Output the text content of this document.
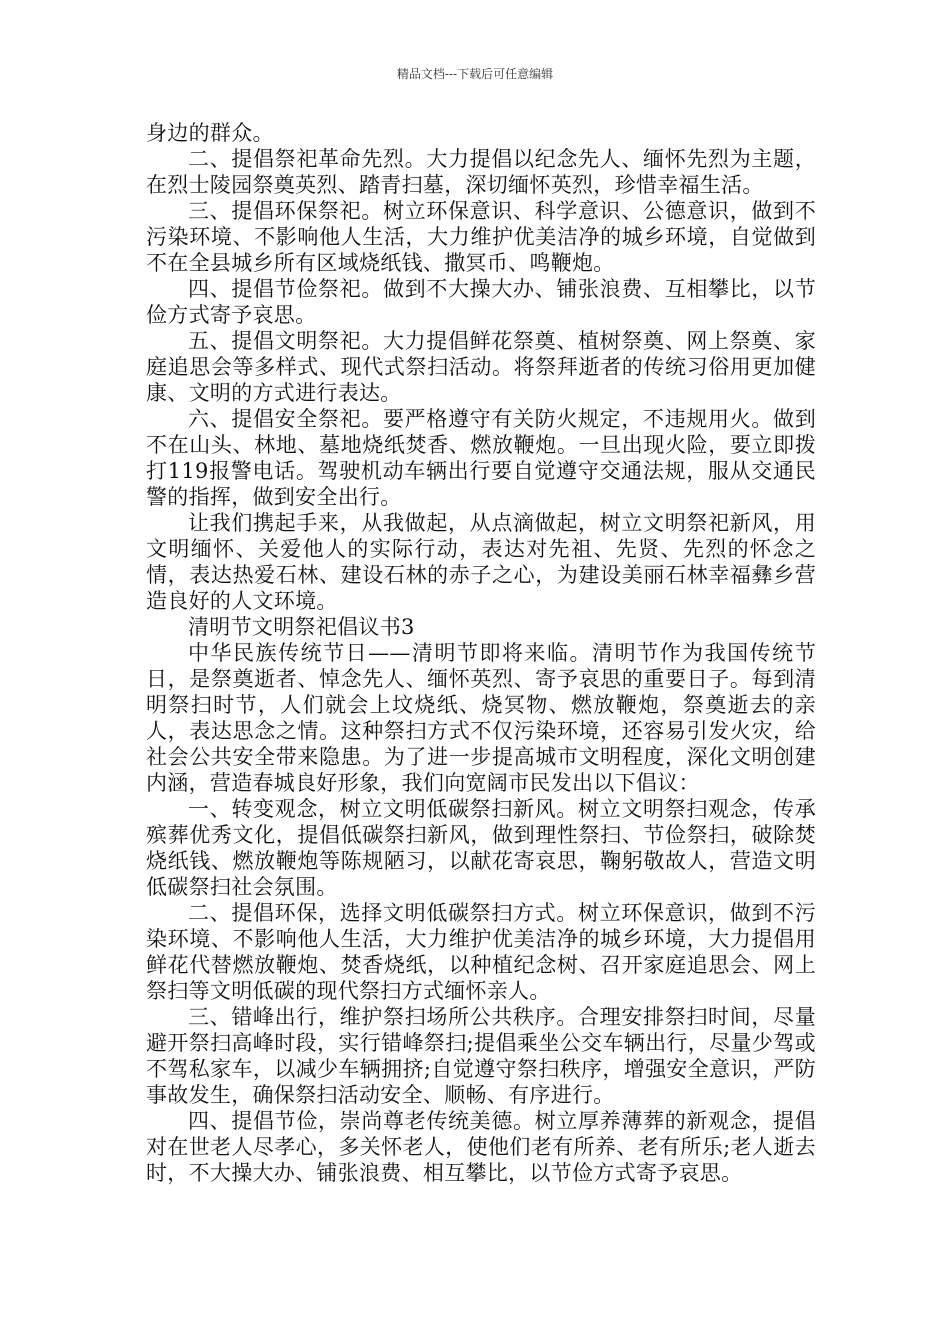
精品文档---下载后可任意编辑

身边的群众。

二、提倡祭祀革命先烈。大力提倡以纪念先人、缅怀先烈为主题，在烈士陵园祭奠英烈、踏青扫墓，深切缅怀英烈，珍惜幸福生活。

三、提倡环保祭祀。树立环保意识、科学意识、公德意识，做到不污染环境、不影响他人生活，大力维护优美洁净的城乡环境，自觉做到不在全县城乡所有区域烧纸钱、撒冥币、鸣鞭炮。

四、提倡节俭祭祀。做到不大操大办、铺张浪费、互相攀比，以节俭方式寄予哀思。

五、提倡文明祭祀。大力提倡鲜花祭奠、植树祭奠、网上祭奠、家庭追思会等多样式、现代式祭扫活动。将祭拜逝者的传统习俗用更加健康、文明的方式进行表达。

六、提倡安全祭祀。要严格遵守有关防火规定，不违规用火。做到不在山头、林地、墓地烧纸焚香、燃放鞭炮。一旦出现火险，要立即拨打119报警电话。驾驶机动车辆出行要自觉遵守交通法规，服从交通民警的指挥，做到安全出行。

让我们携起手来，从我做起，从点滴做起，树立文明祭祀新风，用文明缅怀、关爱他人的实际行动，表达对先祖、先贤、先烈的怀念之情，表达热爱石林、建设石林的赤子之心，为建设美丽石林幸福彝乡营造良好的人文环境。

清明节文明祭祀倡议书3

中华民族传统节日——清明节即将来临。清明节作为我国传统节日，是祭奠逝者、悼念先人、缅怀英烈、寄予哀思的重要日子。每到清明祭扫时节，人们就会上坟烧纸、烧冥物、燃放鞭炮，祭奠逝去的亲人，表达思念之情。这种祭扫方式不仅污染环境，还容易引发火灾，给社会公共安全带来隐患。为了进一步提高城市文明程度，深化文明创建内涵，营造春城良好形象，我们向宽阔市民发出以下倡议：

一、转变观念，树立文明低碳祭扫新风。树立文明祭扫观念，传承殡葬优秀文化，提倡低碳祭扫新风，做到理性祭扫、节俭祭扫，破除焚烧纸钱、燃放鞭炮等陈规陋习，以献花寄哀思，鞠躬敬故人，营造文明低碳祭扫社会氛围。

二、提倡环保，选择文明低碳祭扫方式。树立环保意识，做到不污染环境、不影响他人生活，大力维护优美洁净的城乡环境，大力提倡用鲜花代替燃放鞭炮、焚香烧纸，以种植纪念树、召开家庭追思会、网上祭扫等文明低碳的现代祭扫方式缅怀亲人。

三、错峰出行，维护祭扫场所公共秩序。合理安排祭扫时间，尽量避开祭扫高峰时段，实行错峰祭扫;提倡乘坐公交车辆出行，尽量少驾或不驾私家车，以减少车辆拥挤;自觉遵守祭扫秩序，增强安全意识，严防事故发生，确保祭扫活动安全、顺畅、有序进行。

四、提倡节俭，崇尚尊老传统美德。树立厚养薄葬的新观念，提倡对在世老人尽孝心，多关怀老人，使他们老有所养、老有所乐;老人逝去时，不大操大办、铺张浪费、相互攀比，以节俭方式寄予哀思。
